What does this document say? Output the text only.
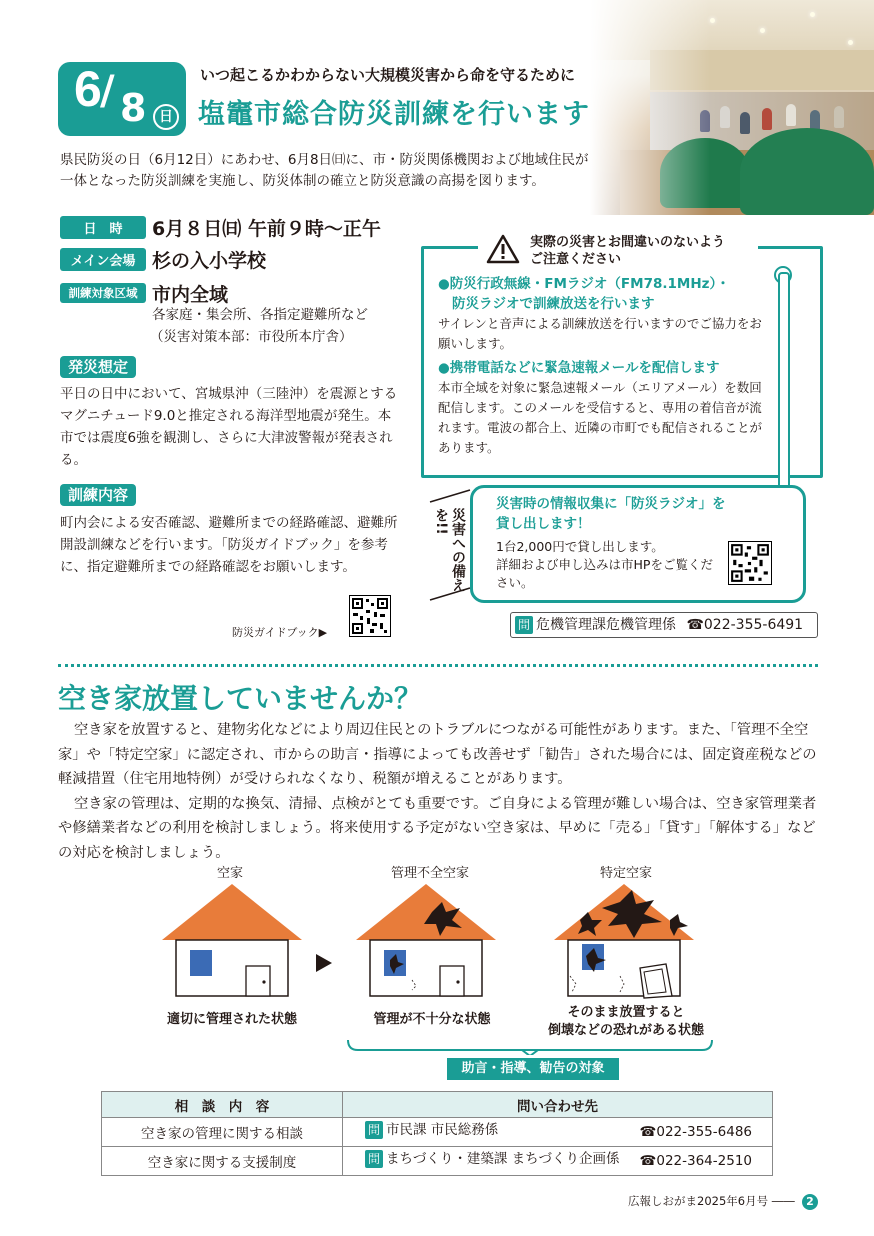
6 / 8 日
いつ起こるかわからない大規模災害から命を守るために
塩竈市総合防災訓練を行います
県民防災の日（6月12日）にあわせ、6月8日㈰に、市・防災関係機関および地域住民が一体となった防災訓練を実施し、防災体制の確立と防災意識の高揚を図ります。
日　時	6月８日㈰ 午前９時～正午
メイン会場 杉の入小学校
訓練対象区域 市内全域
各家庭・集会所、各指定避難所など
（災害対策本部：市役所本庁舎）
発災想定
平日の日中において、宮城県沖（三陸沖）を震源とするマグニチュード9.0と推定される海洋型地震が発生。本市では震度6強を観測し、さらに大津波警報が発表される。
訓練内容
町内会による安否確認、避難所までの経路確認、避難所開設訓練などを行います。「防災ガイドブック」を参考に、指定避難所までの経路確認をお願いします。
防災ガイドブック▶
実際の災害とお間違いのないよう
ご注意ください
●防災行政無線・FMラジオ（FM78.1MHz）・
防災ラジオで訓練放送を行います
サイレンと音声による訓練放送を行いますのでご協力をお願いします。
●携帯電話などに緊急速報メールを配信します
本市全域を対象に緊急速報メール（エリアメール）を数回配信します。このメールを受信すると、専用の着信音が流れます。電波の都合上、近隣の市町でも配信されることがあります。
災害への備えを!!
災害時の情報収集に「防災ラジオ」を
貸し出します！
1台2,000円で貸し出します。
詳細および申し込みは市HPをご覧ください。
問 危機管理課危機管理係 ☎022-355-6491
空き家放置していませんか？
空き家を放置すると、建物劣化などにより周辺住民とのトラブルにつながる可能性があります。また、「管理不全空家」や「特定空家」に認定され、市からの助言・指導によっても改善せず「勧告」された場合には、固定資産税などの軽減措置（住宅用地特例）が受けられなくなり、税額が増えることがあります。
空き家の管理は、定期的な換気、清掃、点検がとても重要です。ご自身による管理が難しい場合は、空き家管理業者や修繕業者などの利用を検討しましょう。将来使用する予定がない空き家は、早めに「売る」「貸す」「解体する」などの対応を検討しましょう。
空家	管理不全空家	特定空家
適切に管理された状態	管理が不十分な状態	そのまま放置すると
倒壊などの恐れがある状態
助言・指導、勧告の対象
相　談　内　容	問い合わせ先
空き家の管理に関する相談	問 市民課 市民総務係 ☎022-355-6486

空き家に関する支援制度	問 まちづくり・建築課 まちづくり企画係 ☎022-364-2510
広報しおがま2025年6月号 ――	2
